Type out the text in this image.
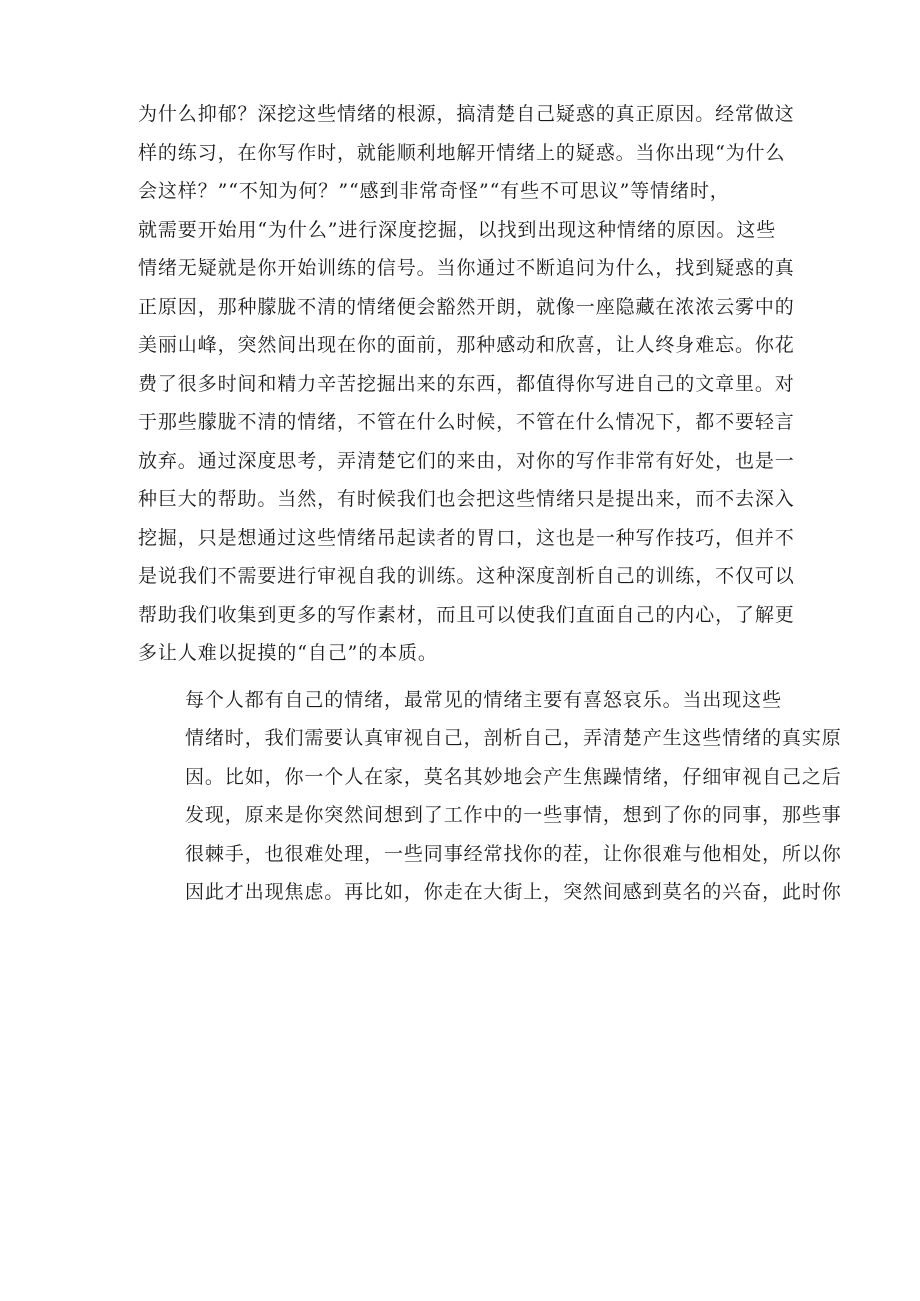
为什么抑郁？深挖这些情绪的根源，搞清楚自己疑惑的真正原因。经常做这
样的练习，在你写作时，就能顺利地解开情绪上的疑惑。当你出现“为什么
会这样？”“不知为何？”“感到非常奇怪”“有些不可思议”等情绪时，
就需要开始用“为什么”进行深度挖掘，以找到出现这种情绪的原因。这些
情绪无疑就是你开始训练的信号。当你通过不断追问为什么，找到疑惑的真
正原因，那种朦胧不清的情绪便会豁然开朗，就像一座隐藏在浓浓云雾中的
美丽山峰，突然间出现在你的面前，那种感动和欣喜，让人终身难忘。你花
费了很多时间和精力辛苦挖掘出来的东西，都值得你写进自己的文章里。对
于那些朦胧不清的情绪，不管在什么时候，不管在什么情况下，都不要轻言
放弃。通过深度思考，弄清楚它们的来由，对你的写作非常有好处，也是一
种巨大的帮助。当然，有时候我们也会把这些情绪只是提出来，而不去深入
挖掘，只是想通过这些情绪吊起读者的胃口，这也是一种写作技巧，但并不
是说我们不需要进行审视自我的训练。这种深度剖析自己的训练，不仅可以
帮助我们收集到更多的写作素材，而且可以使我们直面自己的内心，了解更
多让人难以捉摸的“自己”的本质。

每个人都有自己的情绪，最常见的情绪主要有喜怒哀乐。当出现这些
情绪时，我们需要认真审视自己，剖析自己，弄清楚产生这些情绪的真实原
因。比如，你一个人在家，莫名其妙地会产生焦躁情绪，仔细审视自己之后
发现，原来是你突然间想到了工作中的一些事情，想到了你的同事，那些事
很棘手，也很难处理，一些同事经常找你的茬，让你很难与他相处，所以你
因此才出现焦虑。再比如，你走在大街上，突然间感到莫名的兴奋，此时你
